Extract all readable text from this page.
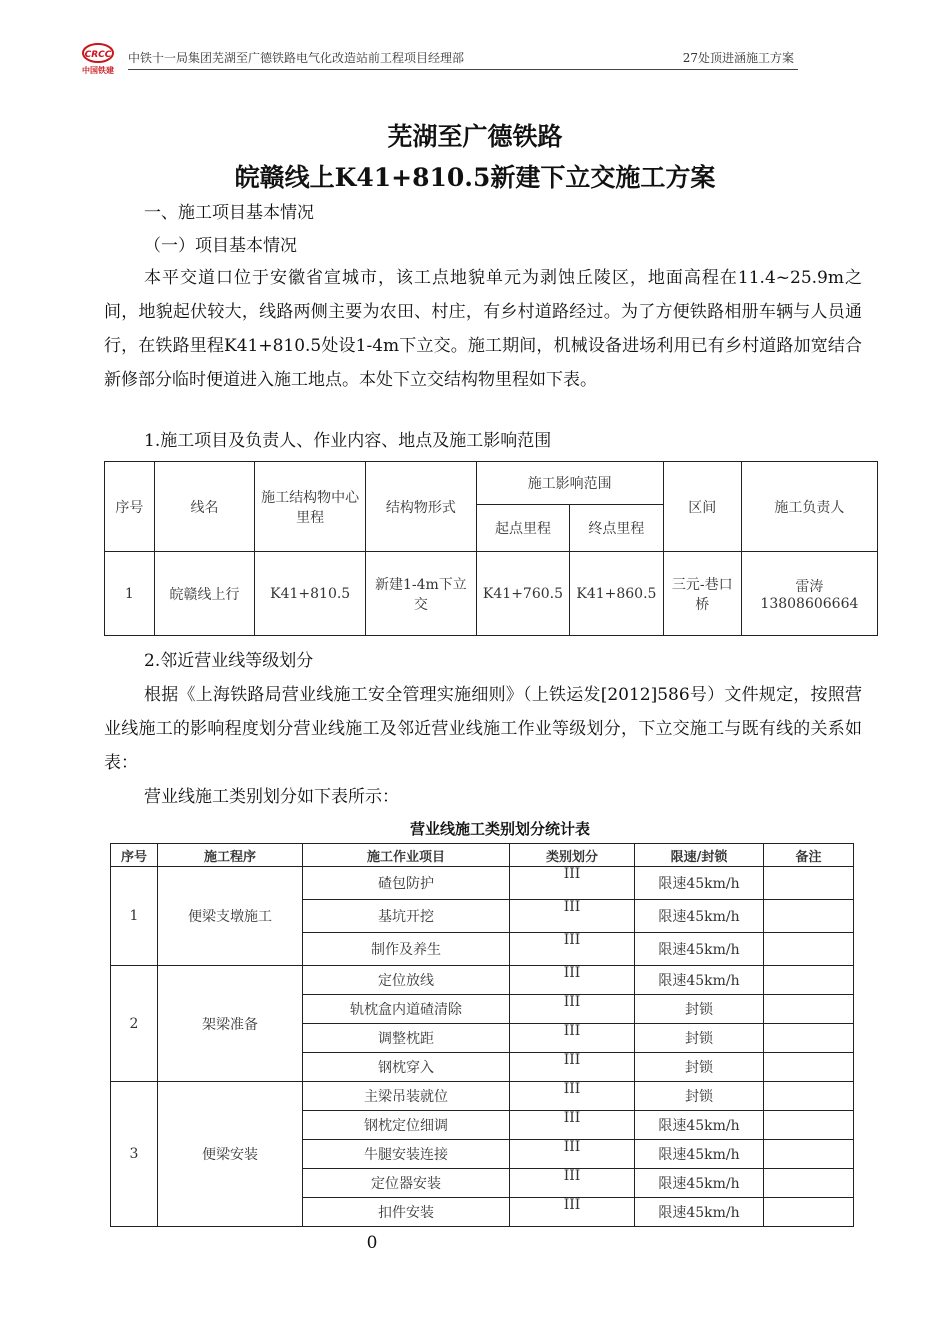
CRCC
中国铁建
中铁十一局集团芜湖至广德铁路电气化改造站前工程项目经理部	27处顶进涵施工方案
芜湖至广德铁路
皖赣线上K41+810.5新建下立交施工方案
一、施工项目基本情况
（一）项目基本情况
本平交道口位于安徽省宣城市，该工点地貌单元为剥蚀丘陵区，地面高程在11.4~25.9m之间，地貌起伏较大，线路两侧主要为农田、村庄，有乡村道路经过。为了方便铁路相册车辆与人员通行，在铁路里程K41+810.5处设1-4m下立交。施工期间，机械设备进场利用已有乡村道路加宽结合新修部分临时便道进入施工地点。本处下立交结构物里程如下表。
1.施工项目及负责人、作业内容、地点及施工影响范围
序号	线名	施工结构物中心里程	结构物形式	施工影响范围		区间	施工负责人
				起点里程	终点里程		
1	皖赣线上行	K41+810.5	新建1-4m下立交	K41+760.5	K41+860.5	三元-巷口桥	雷涛
13808606664
2.邻近营业线等级划分
根据《上海铁路局营业线施工安全管理实施细则》（上铁运发[2012]586号）文件规定，按照营业线施工的影响程度划分营业线施工及邻近营业线施工作业等级划分，下立交施工与既有线的关系如表：
营业线施工类别划分如下表所示：
营业线施工类别划分统计表
序号	施工程序	施工作业项目	类别划分	限速/封锁	备注
1	便梁支墩施工	碴包防护	III	限速45km/h	
		基坑开挖	III	限速45km/h	
		制作及养生	III	限速45km/h	
2	架梁准备	定位放线	III	限速45km/h	
		轨枕盒内道碴清除	III	封锁	
		调整枕距	III	封锁	
		钢枕穿入	III	封锁	
3	便梁安装	主梁吊装就位	III	封锁	
		钢枕定位细调	III	限速45km/h	
		牛腿安装连接	III	限速45km/h	
		定位器安装	III	限速45km/h	
		扣件安装	III	限速45km/h	
0
